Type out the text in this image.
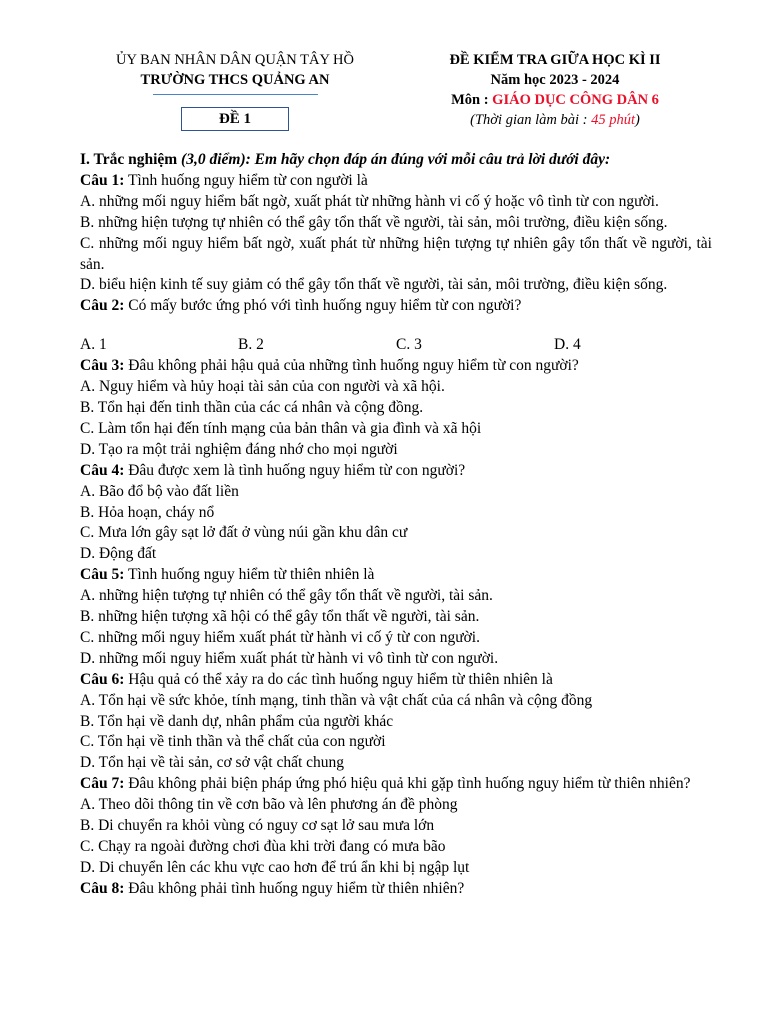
ỦY BAN NHÂN DÂN QUẬN TÂY HỒ
TRƯỜNG THCS QUẢNG AN
ĐỀ 1
ĐỀ KIỂM TRA GIỮA HỌC KÌ II
Năm học 2023 - 2024
Môn : GIÁO DỤC CÔNG DÂN 6
(Thời gian làm bài : 45 phút)

I. Trắc nghiệm (3,0 điểm): Em hãy chọn đáp án đúng với mỗi câu trả lời dưới đây:

Câu 1: Tình huống nguy hiểm từ con người là

A. những mối nguy hiểm bất ngờ, xuất phát từ những hành vi cố ý hoặc vô tình từ con người.

B. những hiện tượng tự nhiên có thể gây tổn thất về người, tài sản, môi trường, điều kiện sống.

C. những mối nguy hiểm bất ngờ, xuất phát từ những hiện tượng tự nhiên gây tổn thất về người, tài sản.

D. biểu hiện kinh tế suy giảm có thể gây tổn thất về người, tài sản, môi trường, điều kiện sống.

Câu 2: Có mấy bước ứng phó với tình huống nguy hiểm từ con người?

A. 1	B. 2	C. 3	D. 4

Câu 3: Đâu không phải hậu quả của những tình huống nguy hiểm từ con người?

A. Nguy hiểm và hủy hoại tài sản của con người và xã hội.

B. Tổn hại đến tinh thần của các cá nhân và cộng đồng.

C. Làm tổn hại đến tính mạng của bản thân và gia đình và xã hội

D. Tạo ra một trải nghiệm đáng nhớ cho mọi người

Câu 4: Đâu được xem là tình huống nguy hiểm từ con người?

A. Bão đổ bộ vào đất liền

B. Hỏa hoạn, cháy nổ

C. Mưa lớn gây sạt lở đất ở vùng núi gần khu dân cư

D. Động đất

Câu 5: Tình huống nguy hiểm từ thiên nhiên là

A. những hiện tượng tự nhiên có thể gây tổn thất về người, tài sản.

B. những hiện tượng xã hội có thể gây tổn thất về người, tài sản.

C. những mối nguy hiểm xuất phát từ hành vi cố ý từ con người.

D. những mối nguy hiểm xuất phát từ hành vi vô tình từ con người.

Câu 6: Hậu quả có thể xảy ra do các tình huống nguy hiểm từ thiên nhiên là

A. Tổn hại về sức khỏe, tính mạng, tinh thần và vật chất của cá nhân và cộng đồng

B. Tổn hại về danh dự, nhân phẩm của người khác

C. Tổn hại về tinh thần và thể chất của con người

D. Tổn hại về tài sản, cơ sở vật chất chung

Câu 7: Đâu không phải biện pháp ứng phó hiệu quả khi gặp tình huống nguy hiểm từ thiên nhiên?

A. Theo dõi thông tin về cơn bão và lên phương án đề phòng

B. Di chuyển ra khỏi vùng có nguy cơ sạt lở sau mưa lớn

C. Chạy ra ngoài đường chơi đùa khi trời đang có mưa bão

D. Di chuyển lên các khu vực cao hơn để trú ẩn khi bị ngập lụt

Câu 8: Đâu không phải tình huống nguy hiểm từ thiên nhiên?
